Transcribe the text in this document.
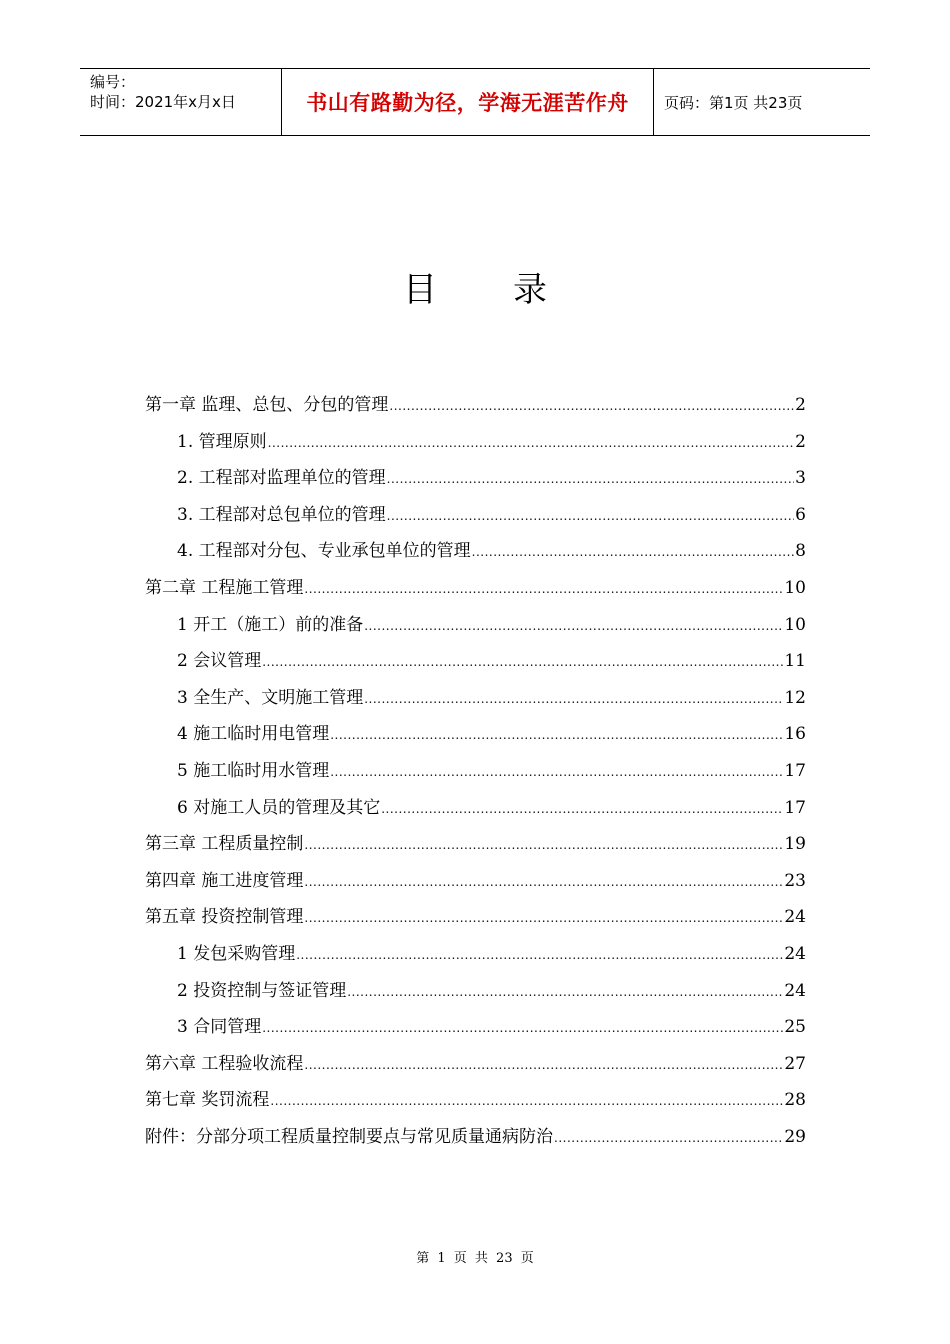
编号：
时间：2021年x月x日	书山有路勤为径，学海无涯苦作舟	页码：第1页 共23页
目 录
第一章 监理、总包、分包的管理 .....	2
1. 管理原则 .....	2
2. 工程部对监理单位的管理 .....	3
3. 工程部对总包单位的管理 .....	6
4. 工程部对分包、专业承包单位的管理 .....	8
第二章 工程施工管理 .....	10
1 开工（施工）前的准备 .....	10
2 会议管理 .....	11
3 全生产、文明施工管理 .....	12
4 施工临时用电管理 .....	16
5 施工临时用水管理 .....	17
6 对施工人员的管理及其它 .....	17
第三章 工程质量控制 .....	19
第四章 施工进度管理 .....	23
第五章 投资控制管理 .....	24
1 发包采购管理 .....	24
2 投资控制与签证管理 .....	24
3 合同管理 .....	25
第六章 工程验收流程 .....	27
第七章 奖罚流程 .....	28
附件：分部分项工程质量控制要点与常见质量通病防治 .....	29
第 1 页 共 23 页
